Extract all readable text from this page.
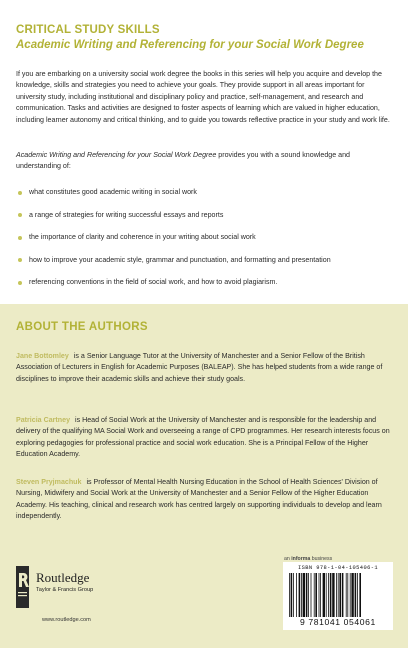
CRITICAL STUDY SKILLS
Academic Writing and Referencing for your Social Work Degree

If you are embarking on a university social work degree the books in this series will help you acquire and develop the knowledge, skills and strategies you need to achieve your goals. They provide support in all areas important for university study, including institutional and disciplinary policy and practice, self-management, and research and communication. Tasks and activities are designed to foster aspects of learning which are valued in higher education, including learner autonomy and critical thinking, and to guide you towards reflective practice in your study and work life.

Academic Writing and Referencing for your Social Work Degree provides you with a sound knowledge and understanding of:

what constitutes good academic writing in social work
a range of strategies for writing successful essays and reports
the importance of clarity and coherence in your writing about social work
how to improve your academic style, grammar and punctuation, and formatting and presentation
referencing conventions in the field of social work, and how to avoid plagiarism.
ABOUT THE AUTHORS

Jane Bottomley is a Senior Language Tutor at the University of Manchester and a Senior Fellow of the British Association of Lecturers in English for Academic Purposes (BALEAP). She has helped students from a wide range of disciplines to improve their academic skills and achieve their study goals.

Patricia Cartney is Head of Social Work at the University of Manchester and is responsible for the leadership and delivery of the qualifying MA Social Work and overseeing a range of CPD programmes. Her research interests focus on exploring pedagogies for professional practice and social work education. She is a Principal Fellow of the Higher Education Academy.

Steven Pryjmachuk is Professor of Mental Health Nursing Education in the School of Health Sciences' Division of Nursing, Midwifery and Social Work at the University of Manchester and a Senior Fellow of the Higher Education Academy. His teaching, clinical and research work has centred largely on supporting individuals to develop and learn independently.

an informa business
Routledge
Taylor & Francis Group
www.routledge.com
ISBN 978-1-04-105406-1
9 781041 054061
